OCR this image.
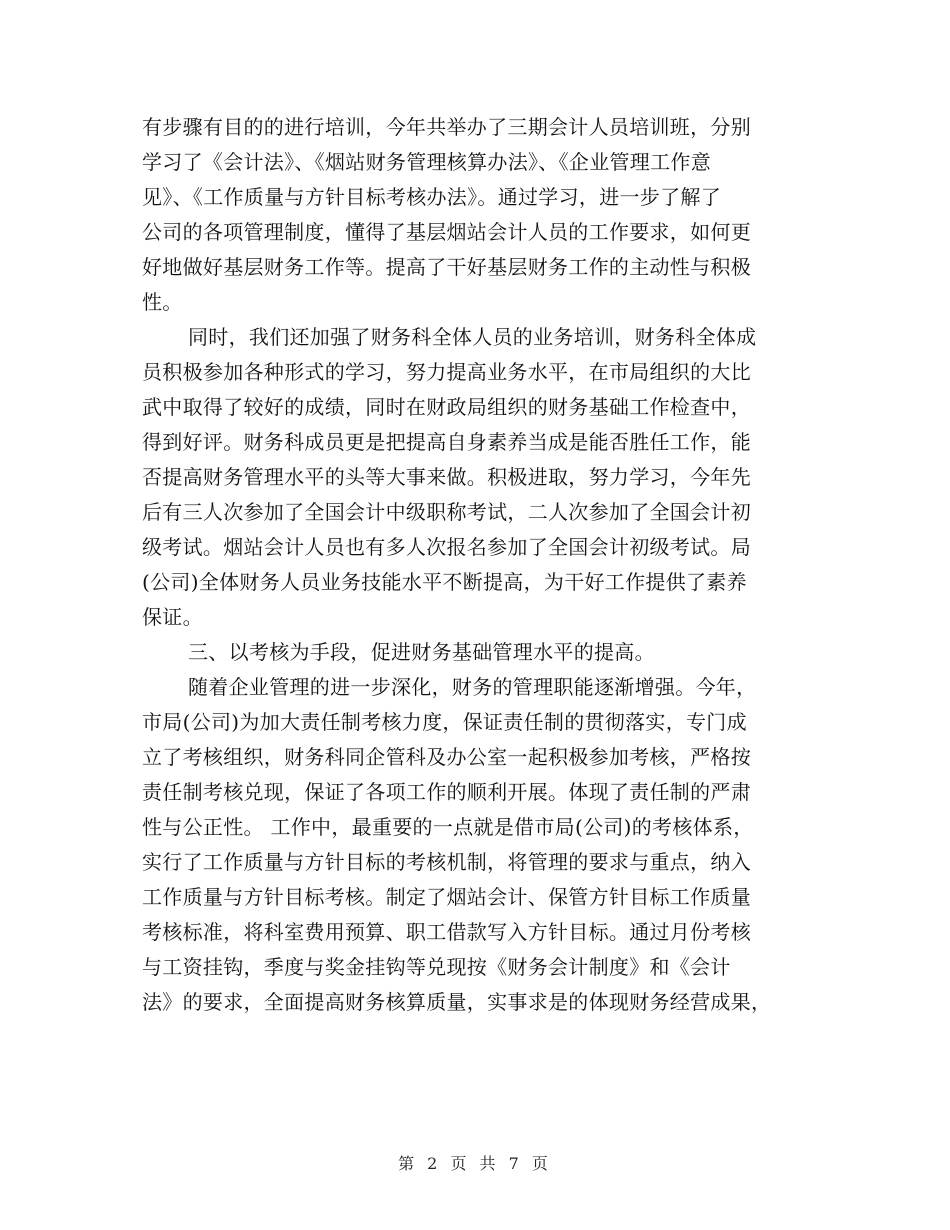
有步骤有目的的进行培训，今年共举办了三期会计人员培训班，分别
学习了《会计法》、《烟站财务管理核算办法》、《企业管理工作意
见》、《工作质量与方针目标考核办法》。通过学习，进一步了解了
公司的各项管理制度，懂得了基层烟站会计人员的工作要求，如何更
好地做好基层财务工作等。提高了干好基层财务工作的主动性与积极
性。
同时，我们还加强了财务科全体人员的业务培训，财务科全体成
员积极参加各种形式的学习，努力提高业务水平，在市局组织的大比
武中取得了较好的成绩，同时在财政局组织的财务基础工作检查中，
得到好评。财务科成员更是把提高自身素养当成是能否胜任工作，能
否提高财务管理水平的头等大事来做。积极进取，努力学习，今年先
后有三人次参加了全国会计中级职称考试，二人次参加了全国会计初
级考试。烟站会计人员也有多人次报名参加了全国会计初级考试。局
(公司)全体财务人员业务技能水平不断提高，为干好工作提供了素养
保证。
三、以考核为手段，促进财务基础管理水平的提高。
随着企业管理的进一步深化，财务的管理职能逐渐增强。今年，
市局(公司)为加大责任制考核力度，保证责任制的贯彻落实，专门成
立了考核组织，财务科同企管科及办公室一起积极参加考核，严格按
责任制考核兑现，保证了各项工作的顺利开展。体现了责任制的严肃
性与公正性。 工作中，最重要的一点就是借市局(公司)的考核体系，
实行了工作质量与方针目标的考核机制，将管理的要求与重点，纳入
工作质量与方针目标考核。制定了烟站会计、保管方针目标工作质量
考核标准，将科室费用预算、职工借款写入方针目标。通过月份考核
与工资挂钩，季度与奖金挂钩等兑现按《财务会计制度》和《会计
法》的要求，全面提高财务核算质量，实事求是的体现财务经营成果，
第 2 页 共 7 页
